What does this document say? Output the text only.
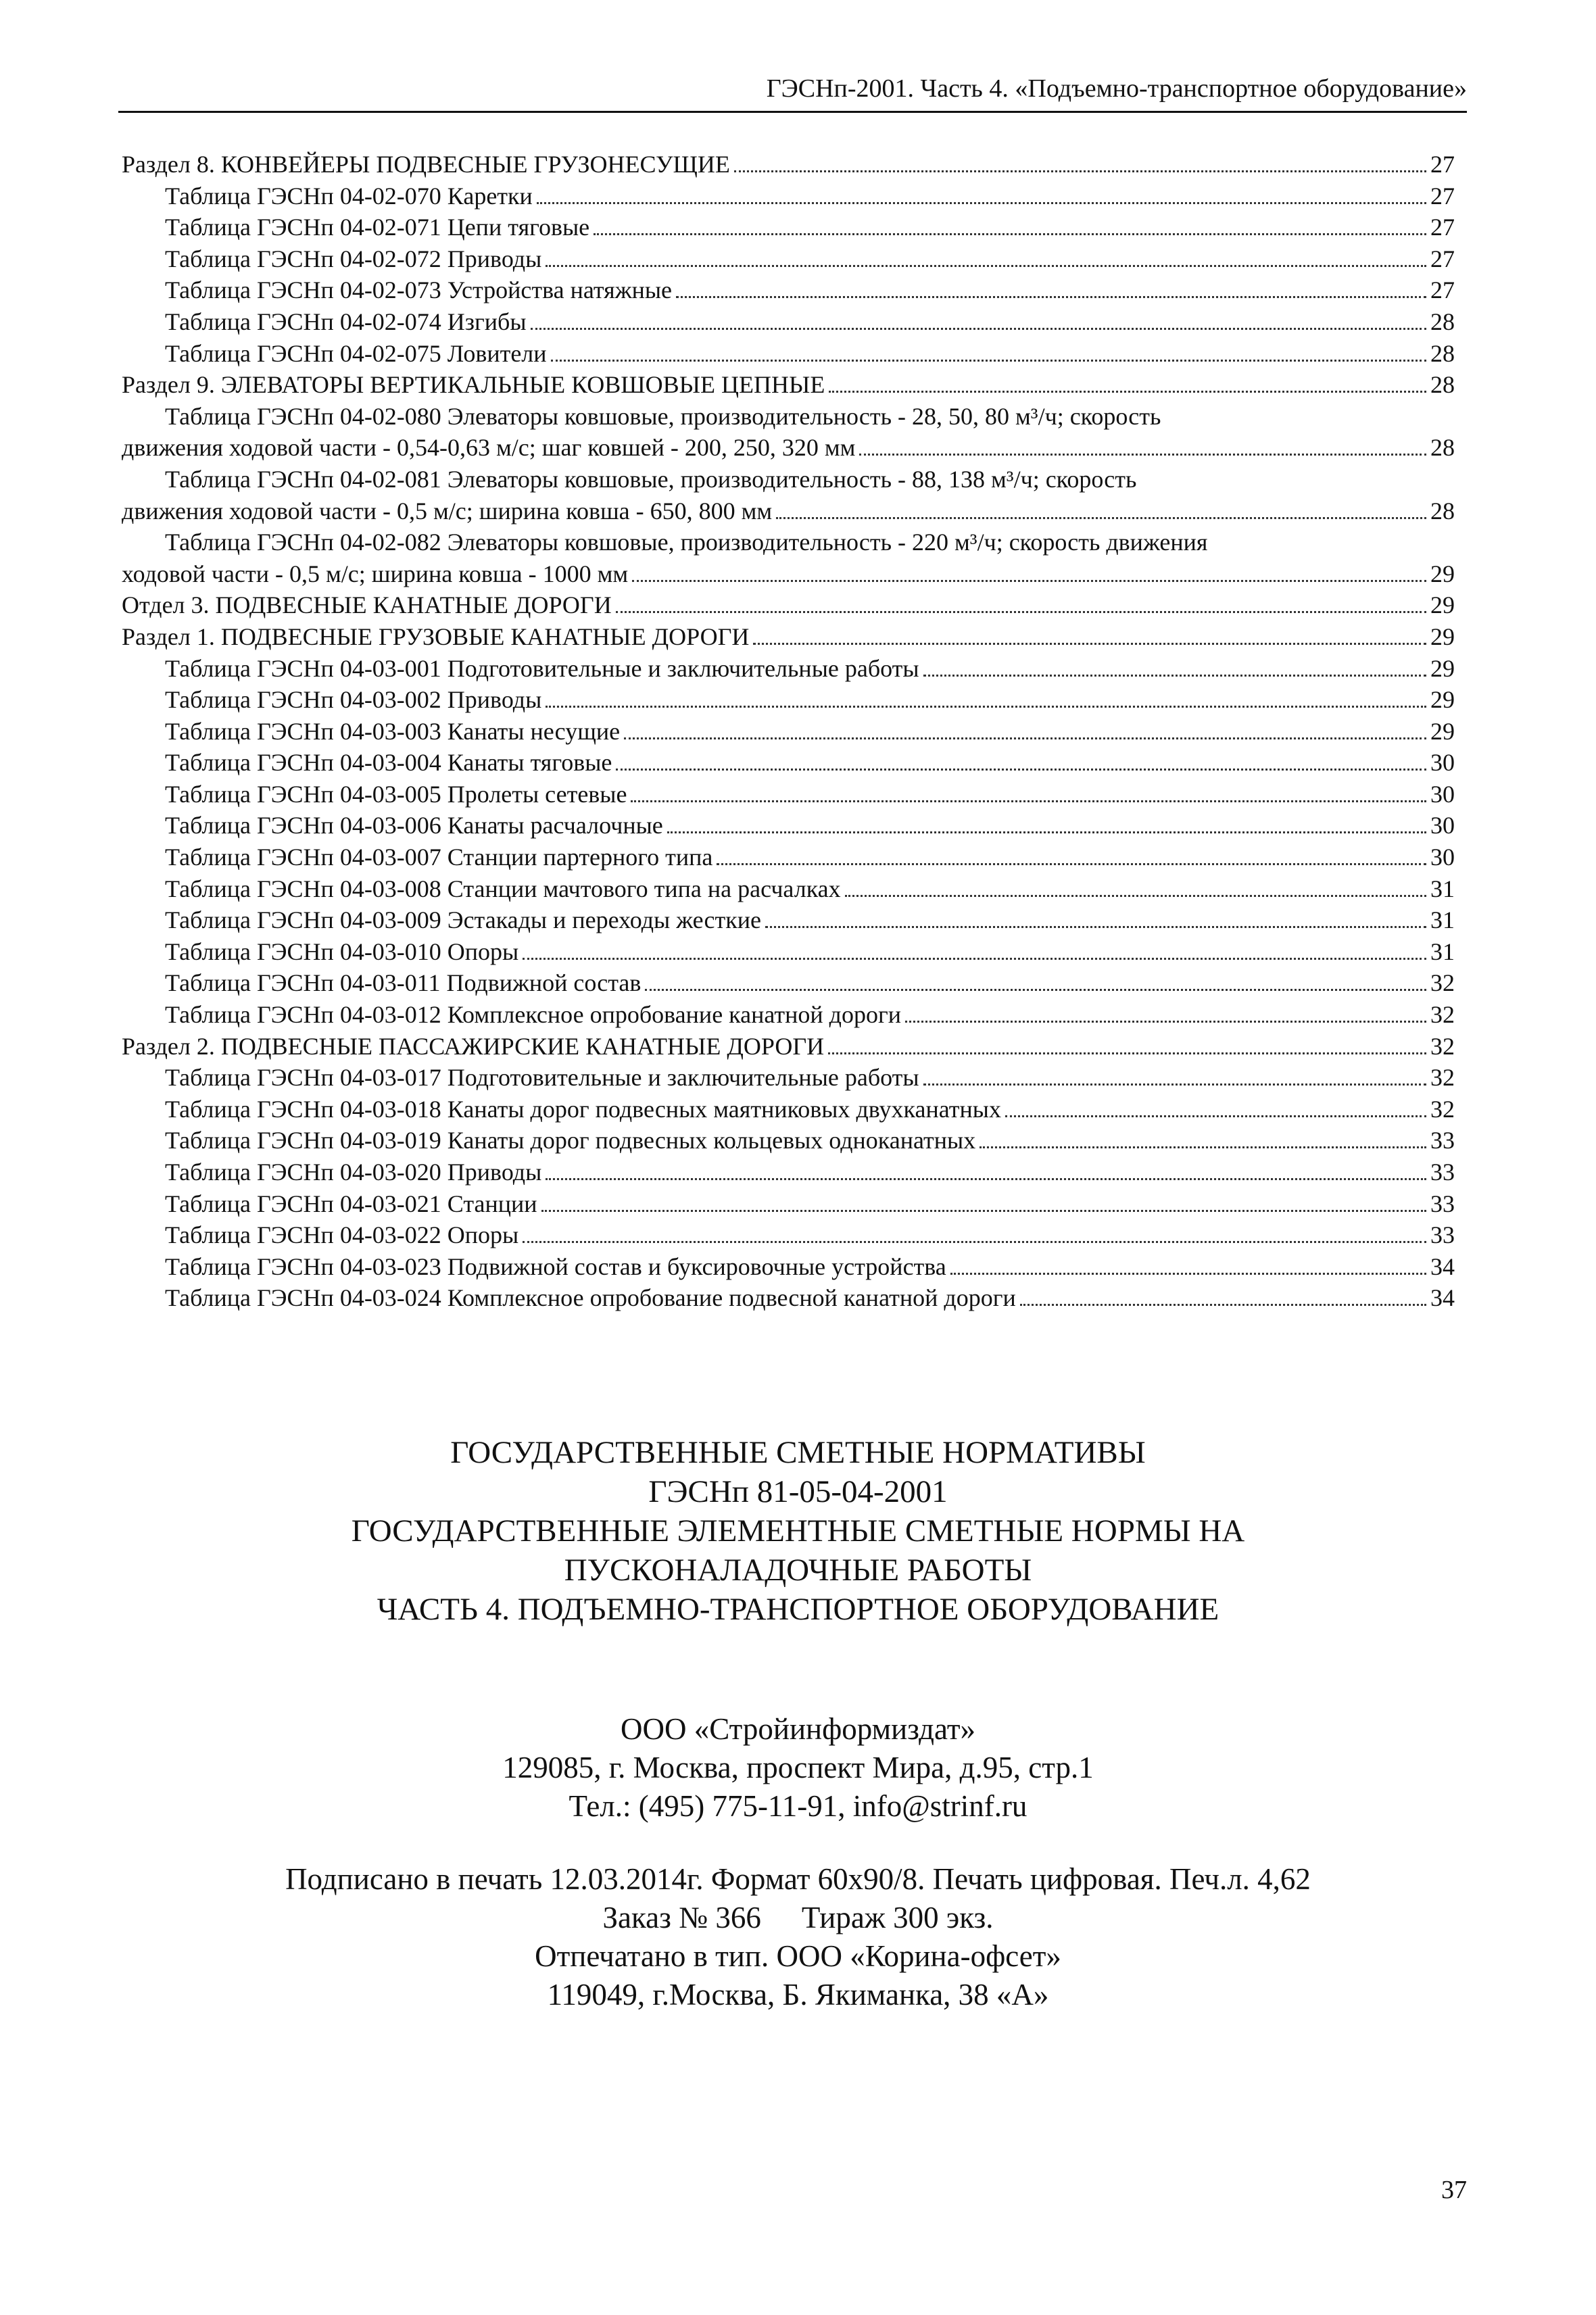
ГЭСНп-2001. Часть 4. «Подъемно-транспортное оборудование»
Раздел 8. КОНВЕЙЕРЫ ПОДВЕСНЫЕ ГРУЗОНЕСУЩИЕ	27
Таблица ГЭСНп 04-02-070 Каретки	27
Таблица ГЭСНп 04-02-071 Цепи тяговые	27
Таблица ГЭСНп 04-02-072 Приводы	27
Таблица ГЭСНп 04-02-073 Устройства натяжные	27
Таблица ГЭСНп 04-02-074 Изгибы	28
Таблица ГЭСНп 04-02-075 Ловители	28
Раздел 9. ЭЛЕВАТОРЫ ВЕРТИКАЛЬНЫЕ КОВШОВЫЕ ЦЕПНЫЕ	28
Таблица ГЭСНп 04-02-080 Элеваторы ковшовые, производительность - 28, 50, 80 м³/ч; скорость
движения ходовой части - 0,54-0,63 м/с; шаг ковшей - 200, 250, 320 мм	28
Таблица ГЭСНп 04-02-081 Элеваторы ковшовые, производительность - 88, 138 м³/ч; скорость
движения ходовой части - 0,5 м/с; ширина ковша - 650, 800 мм	28
Таблица ГЭСНп 04-02-082 Элеваторы ковшовые, производительность - 220 м³/ч; скорость движения
ходовой части - 0,5 м/с; ширина ковша - 1000 мм	29
Отдел 3. ПОДВЕСНЫЕ КАНАТНЫЕ ДОРОГИ	29
Раздел 1. ПОДВЕСНЫЕ ГРУЗОВЫЕ КАНАТНЫЕ ДОРОГИ	29
Таблица ГЭСНп 04-03-001 Подготовительные и заключительные работы	29
Таблица ГЭСНп 04-03-002 Приводы	29
Таблица ГЭСНп 04-03-003 Канаты несущие	29
Таблица ГЭСНп 04-03-004 Канаты тяговые	30
Таблица ГЭСНп 04-03-005 Пролеты сетевые	30
Таблица ГЭСНп 04-03-006 Канаты расчалочные	30
Таблица ГЭСНп 04-03-007 Станции партерного типа	30
Таблица ГЭСНп 04-03-008 Станции мачтового типа на расчалках	31
Таблица ГЭСНп 04-03-009 Эстакады и переходы жесткие	31
Таблица ГЭСНп 04-03-010 Опоры	31
Таблица ГЭСНп 04-03-011 Подвижной состав	32
Таблица ГЭСНп 04-03-012 Комплексное опробование канатной дороги	32
Раздел 2. ПОДВЕСНЫЕ ПАССАЖИРСКИЕ КАНАТНЫЕ ДОРОГИ	32
Таблица ГЭСНп 04-03-017 Подготовительные и заключительные работы	32
Таблица ГЭСНп 04-03-018 Канаты дорог подвесных маятниковых двухканатных	32
Таблица ГЭСНп 04-03-019 Канаты дорог подвесных кольцевых одноканатных	33
Таблица ГЭСНп 04-03-020 Приводы	33
Таблица ГЭСНп 04-03-021 Станции	33
Таблица ГЭСНп 04-03-022 Опоры	33
Таблица ГЭСНп 04-03-023 Подвижной состав и буксировочные устройства	34
Таблица ГЭСНп 04-03-024 Комплексное опробование подвесной канатной дороги	34
ГОСУДАРСТВЕННЫЕ СМЕТНЫЕ НОРМАТИВЫ
ГЭСНп 81-05-04-2001
ГОСУДАРСТВЕННЫЕ ЭЛЕМЕНТНЫЕ СМЕТНЫЕ НОРМЫ НА
ПУСКОНАЛАДОЧНЫЕ РАБОТЫ
ЧАСТЬ 4. ПОДЪЕМНО-ТРАНСПОРТНОЕ ОБОРУДОВАНИЕ
ООО «Стройинформиздат»
129085, г. Москва, проспект Мира, д.95, стр.1
Тел.: (495) 775-11-91, info@strinf.ru
Подписано в печать 12.03.2014г. Формат 60х90/8. Печать цифровая. Печ.л. 4,62
Заказ № 366 Тираж 300 экз.
Отпечатано в тип. ООО «Корина-офсет»
119049, г.Москва, Б. Якиманка, 38 «А»
37
